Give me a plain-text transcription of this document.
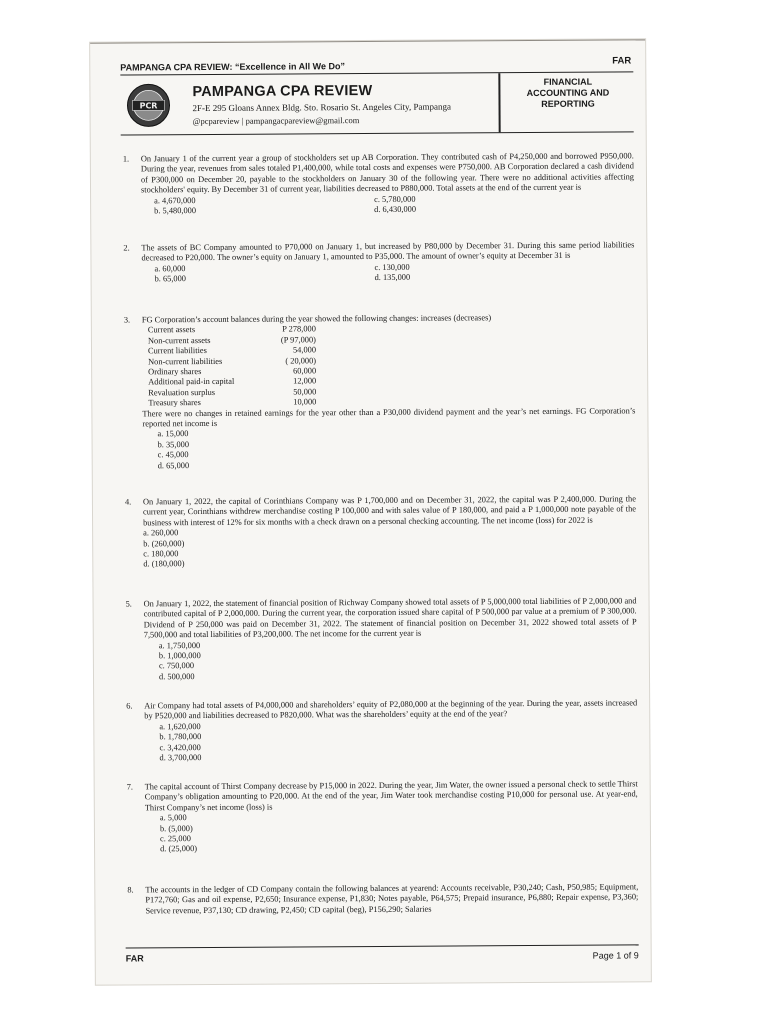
PAMPANGA CPA REVIEW: “Excellence in All We Do”
FAR
PCR
PAMPANGA CPA REVIEW
2F-E 295 Gloans Annex Bldg. Sto. Rosario St. Angeles City, Pampanga
@pcpareview | pampangacpareview@gmail.com
FINANCIAL
ACCOUNTING AND
REPORTING
1.	On January 1 of the current year a group of stockholders set up AB Corporation. They contributed cash of P4,250,000 and borrowed P950,000. During the year, revenues from sales totaled P1,400,000, while total costs and expenses were P750,000. AB Corporation declared a cash dividend of P300,000 on December 20, payable to the stockholders on January 30 of the following year. There were no additional activities affecting stockholders' equity. By December 31 of current year, liabilities decreased to P880,000. Total assets at the end of the current year is
a. 4,670,000
b. 5,480,000
c. 5,780,000
d. 6,430,000
2.	The assets of BC Company amounted to P70,000 on January 1, but increased by P80,000 by December 31. During this same period liabilities decreased to P20,000. The owner’s equity on January 1, amounted to P35,000. The amount of owner’s equity at December 31 is
a. 60,000
b. 65,000
c. 130,000
d. 135,000
3.	FG Corporation’s account balances during the year showed the following changes: increases (decreases)
Current assets	P 278,000
Non-current assets	(P 97,000)
Current liabilities	54,000
Non-current liabilities	( 20,000)
Ordinary shares	60,000
Additional paid-in capital	12,000
Revaluation surplus	50,000
Treasury shares	10,000
There were no changes in retained earnings for the year other than a P30,000 dividend payment and the year’s net earnings. FG Corporation’s reported net income is
a. 15,000
b. 35,000
c. 45,000
d. 65,000
4.	On January 1, 2022, the capital of Corinthians Company was P 1,700,000 and on December 31, 2022, the capital was P 2,400,000. During the current year, Corinthians withdrew merchandise costing P 100,000 and with sales value of P 180,000, and paid a P 1,000,000 note payable of the business with interest of 12% for six months with a check drawn on a personal checking accounting. The net income (loss) for 2022 is
a. 260,000
b. (260,000)
c. 180,000
d. (180,000)
5.	On January 1, 2022, the statement of financial position of Richway Company showed total assets of P 5,000,000 total liabilities of P 2,000,000 and contributed capital of P 2,000,000. During the current year, the corporation issued share capital of P 500,000 par value at a premium of P 300,000. Dividend of P 250,000 was paid on December 31, 2022. The statement of financial position on December 31, 2022 showed total assets of P 7,500,000 and total liabilities of P3,200,000. The net income for the current year is
a. 1,750,000
b. 1,000,000
c. 750,000
d. 500,000
6.	Air Company had total assets of P4,000,000 and shareholders’ equity of P2,080,000 at the beginning of the year. During the year, assets increased by P520,000 and liabilities decreased to P820,000. What was the shareholders’ equity at the end of the year?
a. 1,620,000
b. 1,780,000
c. 3,420,000
d. 3,700,000
7.	The capital account of Thirst Company decrease by P15,000 in 2022. During the year, Jim Water, the owner issued a personal check to settle Thirst Company’s obligation amounting to P20,000. At the end of the year, Jim Water took merchandise costing P10,000 for personal use. At year-end, Thirst Company’s net income (loss) is
a. 5,000
b. (5,000)
c. 25,000
d. (25,000)
8.	The accounts in the ledger of CD Company contain the following balances at yearend: Accounts receivable, P30,240; Cash, P50,985; Equipment, P172,760; Gas and oil expense, P2,650; Insurance expense, P1,830; Notes payable, P64,575; Prepaid insurance, P6,880; Repair expense, P3,360; Service revenue, P37,130; CD drawing, P2,450; CD capital (beg), P156,290; Salaries
FAR	Page 1 of 9
